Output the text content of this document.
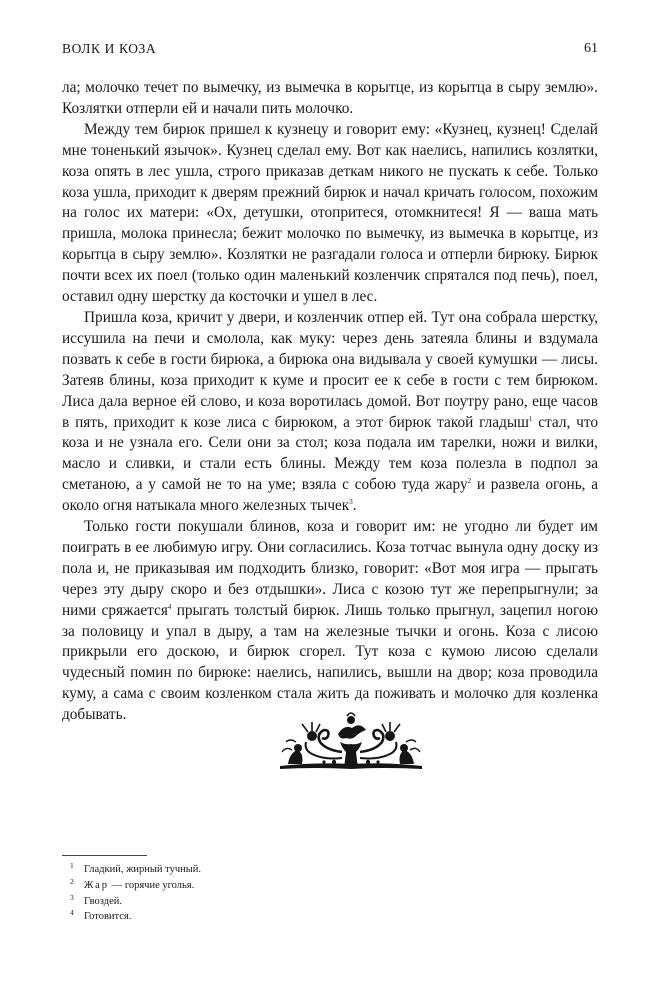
ВОЛК И КОЗА	61

ла; молочко течет по вымечку, из вымечка в корытце, из корытца в сыру землю». Козлятки отперли ей и начали пить молочко.

Между тем бирюк пришел к кузнецу и говорит ему: «Кузнец, кузнец! Сделай мне тоненький язычок». Кузнец сделал ему. Вот как наелись, напились козлятки, коза опять в лес ушла, строго приказав деткам никого не пускать к себе. Только коза ушла, приходит к дверям прежний бирюк и начал кричать голосом, похожим на голос их матери: «Ох, детушки, отопритеся, отомкнитеся! Я — ваша мать пришла, молока принесла; бежит молочко по вымечку, из вымечка в корытце, из корытца в сыру землю». Козлятки не разгадали голоса и отперли бирюку. Бирюк почти всех их поел (только один маленький козленчик спрятался под печь), поел, оставил одну шерстку да косточки и ушел в лес.

Пришла коза, кричит у двери, и козленчик отпер ей. Тут она собрала шерстку, иссушила на печи и смолола, как муку: через день затеяла блины и вздумала позвать к себе в гости бирюка, а бирюка она видывала у своей кумушки — лисы. Затеяв блины, коза приходит к куме и просит ее к себе в гости с тем бирюком. Лиса дала верное ей слово, и коза воротилась домой. Вот поутру рано, еще часов в пять, приходит к козе лиса с бирюком, а этот бирюк такой гладыш$^1$ стал, что коза и не узнала его. Сели они за стол; коза подала им тарелки, ножи и вилки, масло и сливки, и стали есть блины. Между тем коза полезла в подпол за сметаною, а у самой не то на уме; взяла с собою туда жару$^2$ и развела огонь, а около огня натыкала много железных тычек$^3$.

Только гости покушали блинов, коза и говорит им: не угодно ли будет им поиграть в ее любимую игру. Они согласились. Коза тотчас вынула одну доску из пола и, не приказывая им подходить близко, говорит: «Вот моя игра — прыгать через эту дыру скоро и без отдышки». Лиса с козою тут же перепрыгнули; за ними сряжается$^4$ прыгать толстый бирюк. Лишь только прыгнул, зацепил ногою за половицу и упал в дыру, а там на железные тычки и огонь. Коза с лисою прикрыли его доскою, и бирюк сгорел. Тут коза с кумою лисою сделали чудесный помин по бирюке: наелись, напились, вышли на двор; коза проводила куму, а сама с своим козленком стала жить да поживать и молочко для козленка добывать.

1 Гладкий, жирный тучный.

2 Жар — горячие уголья.

3 Гвоздей.

4 Готовится.
